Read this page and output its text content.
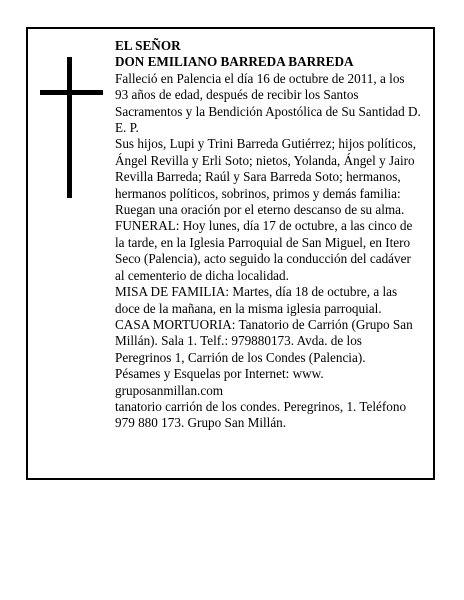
EL SEÑOR

DON EMILIANO BARREDA BARREDA

Falleció en Palencia el día 16 de octubre de 2011, a los 93 años de edad, después de recibir los Santos Sacramentos y la Bendición Apostólica de Su Santidad D. E. P.

Sus hijos, Lupi y Trini Barreda Gutiérrez; hijos políticos, Ángel Revilla y Erli Soto; nietos, Yolanda, Ángel y Jairo Revilla Barreda; Raúl y Sara Barreda Soto; hermanos, hermanos políticos, sobrinos, primos y demás familia:

Ruegan una oración por el eterno descanso de su alma.

FUNERAL: Hoy lunes, día 17 de octubre, a las cinco de la tarde, en la Iglesia Parroquial de San Miguel, en Itero Seco (Palencia), acto seguido la conducción del cadáver al cementerio de dicha localidad.

MISA DE FAMILIA: Martes, día 18 de octubre, a las doce de la mañana, en la misma iglesia parroquial.

CASA MORTUORIA: Tanatorio de Carrión (Grupo San Millán). Sala 1. Telf.: 979880173. Avda. de los Peregrinos 1, Carrión de los Condes (Palencia).

Pésames y Esquelas por Internet: www. gruposanmillan.com

tanatorio carrión de los condes. Peregrinos, 1. Teléfono 979 880 173. Grupo San Millán.
